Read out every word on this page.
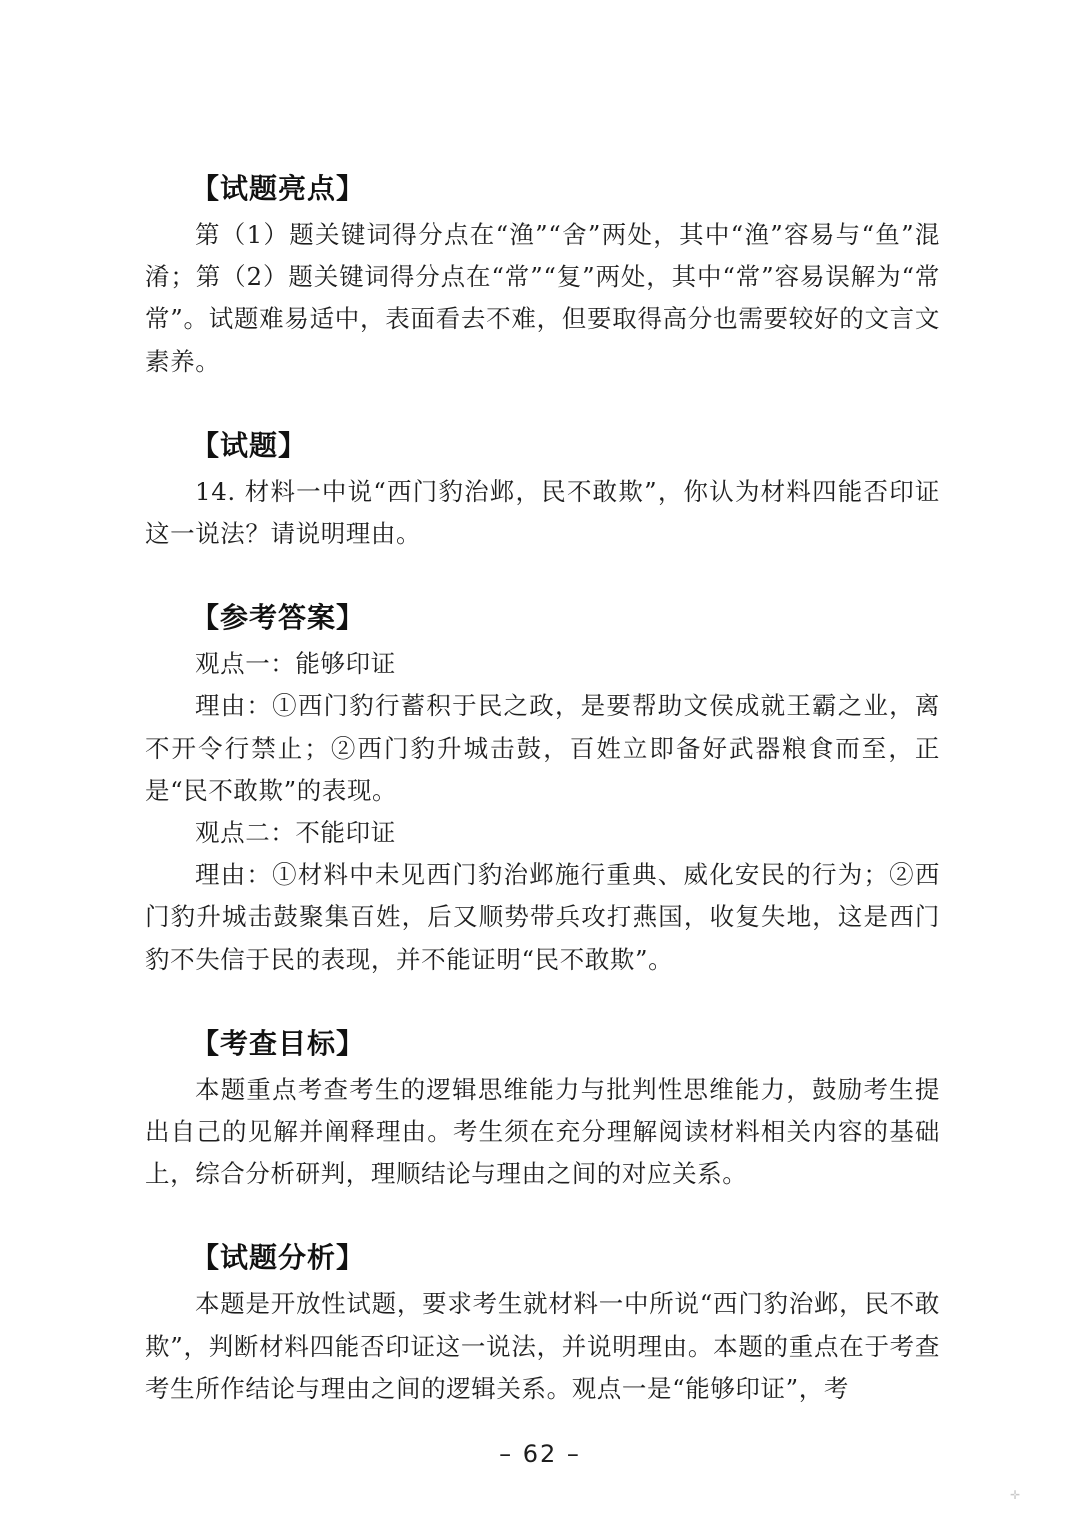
【试题亮点】

第（1）题关键词得分点在“渔”“舍”两处，其中“渔”容易与“鱼”混淆；第（2）题关键词得分点在“常”“复”两处，其中“常”容易误解为“常常”。试题难易适中，表面看去不难，但要取得高分也需要较好的文言文素养。

【试题】

14. 材料一中说“西门豹治邺，民不敢欺”，你认为材料四能否印证这一说法？请说明理由。

【参考答案】

观点一：能够印证

理由：①西门豹行蓄积于民之政，是要帮助文侯成就王霸之业，离不开令行禁止；②西门豹升城击鼓，百姓立即备好武器粮食而至，正是“民不敢欺”的表现。

观点二：不能印证

理由：①材料中未见西门豹治邺施行重典、威化安民的行为；②西门豹升城击鼓聚集百姓，后又顺势带兵攻打燕国，收复失地，这是西门豹不失信于民的表现，并不能证明“民不敢欺”。

【考查目标】

本题重点考查考生的逻辑思维能力与批判性思维能力，鼓励考生提出自己的见解并阐释理由。考生须在充分理解阅读材料相关内容的基础上，综合分析研判，理顺结论与理由之间的对应关系。

【试题分析】

本题是开放性试题，要求考生就材料一中所说“西门豹治邺，民不敢欺”，判断材料四能否印证这一说法，并说明理由。本题的重点在于考查考生所作结论与理由之间的逻辑关系。观点一是“能够印证”，考

– 62 –
✛
